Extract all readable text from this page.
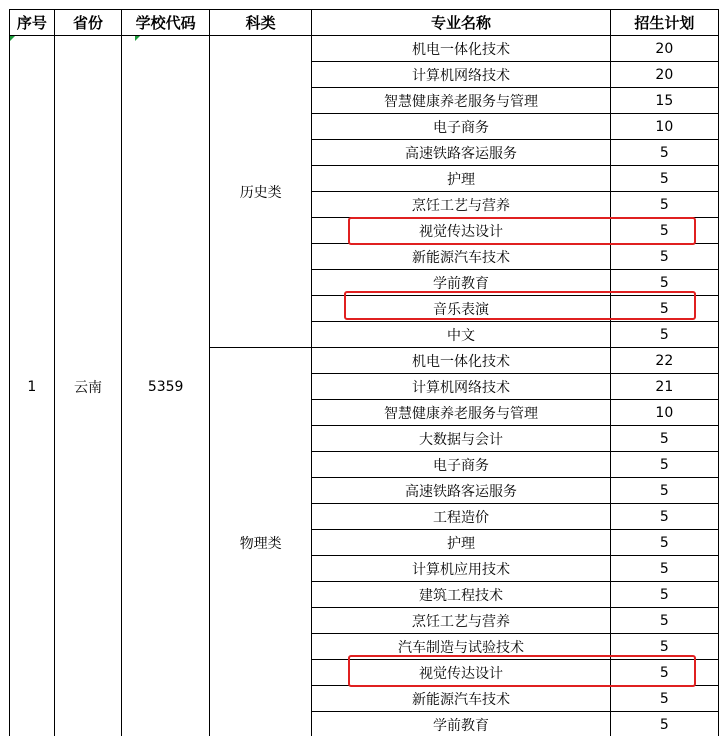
序号	省份	学校代码	科类	专业名称	招生计划
1	云南	5359	历史类	机电一体化技术	20
				计算机网络技术	20
				智慧健康养老服务与管理	15
				电子商务	10
				高速铁路客运服务	5
				护理	5
				烹饪工艺与营养	5
				视觉传达设计	5
				新能源汽车技术	5
				学前教育	5
				音乐表演	5
				中文	5
			物理类	机电一体化技术	22
				计算机网络技术	21
				智慧健康养老服务与管理	10
				大数据与会计	5
				电子商务	5
				高速铁路客运服务	5
				工程造价	5
				护理	5
				计算机应用技术	5
				建筑工程技术	5
				烹饪工艺与营养	5
				汽车制造与试验技术	5
				视觉传达设计	5
				新能源汽车技术	5
				学前教育	5
